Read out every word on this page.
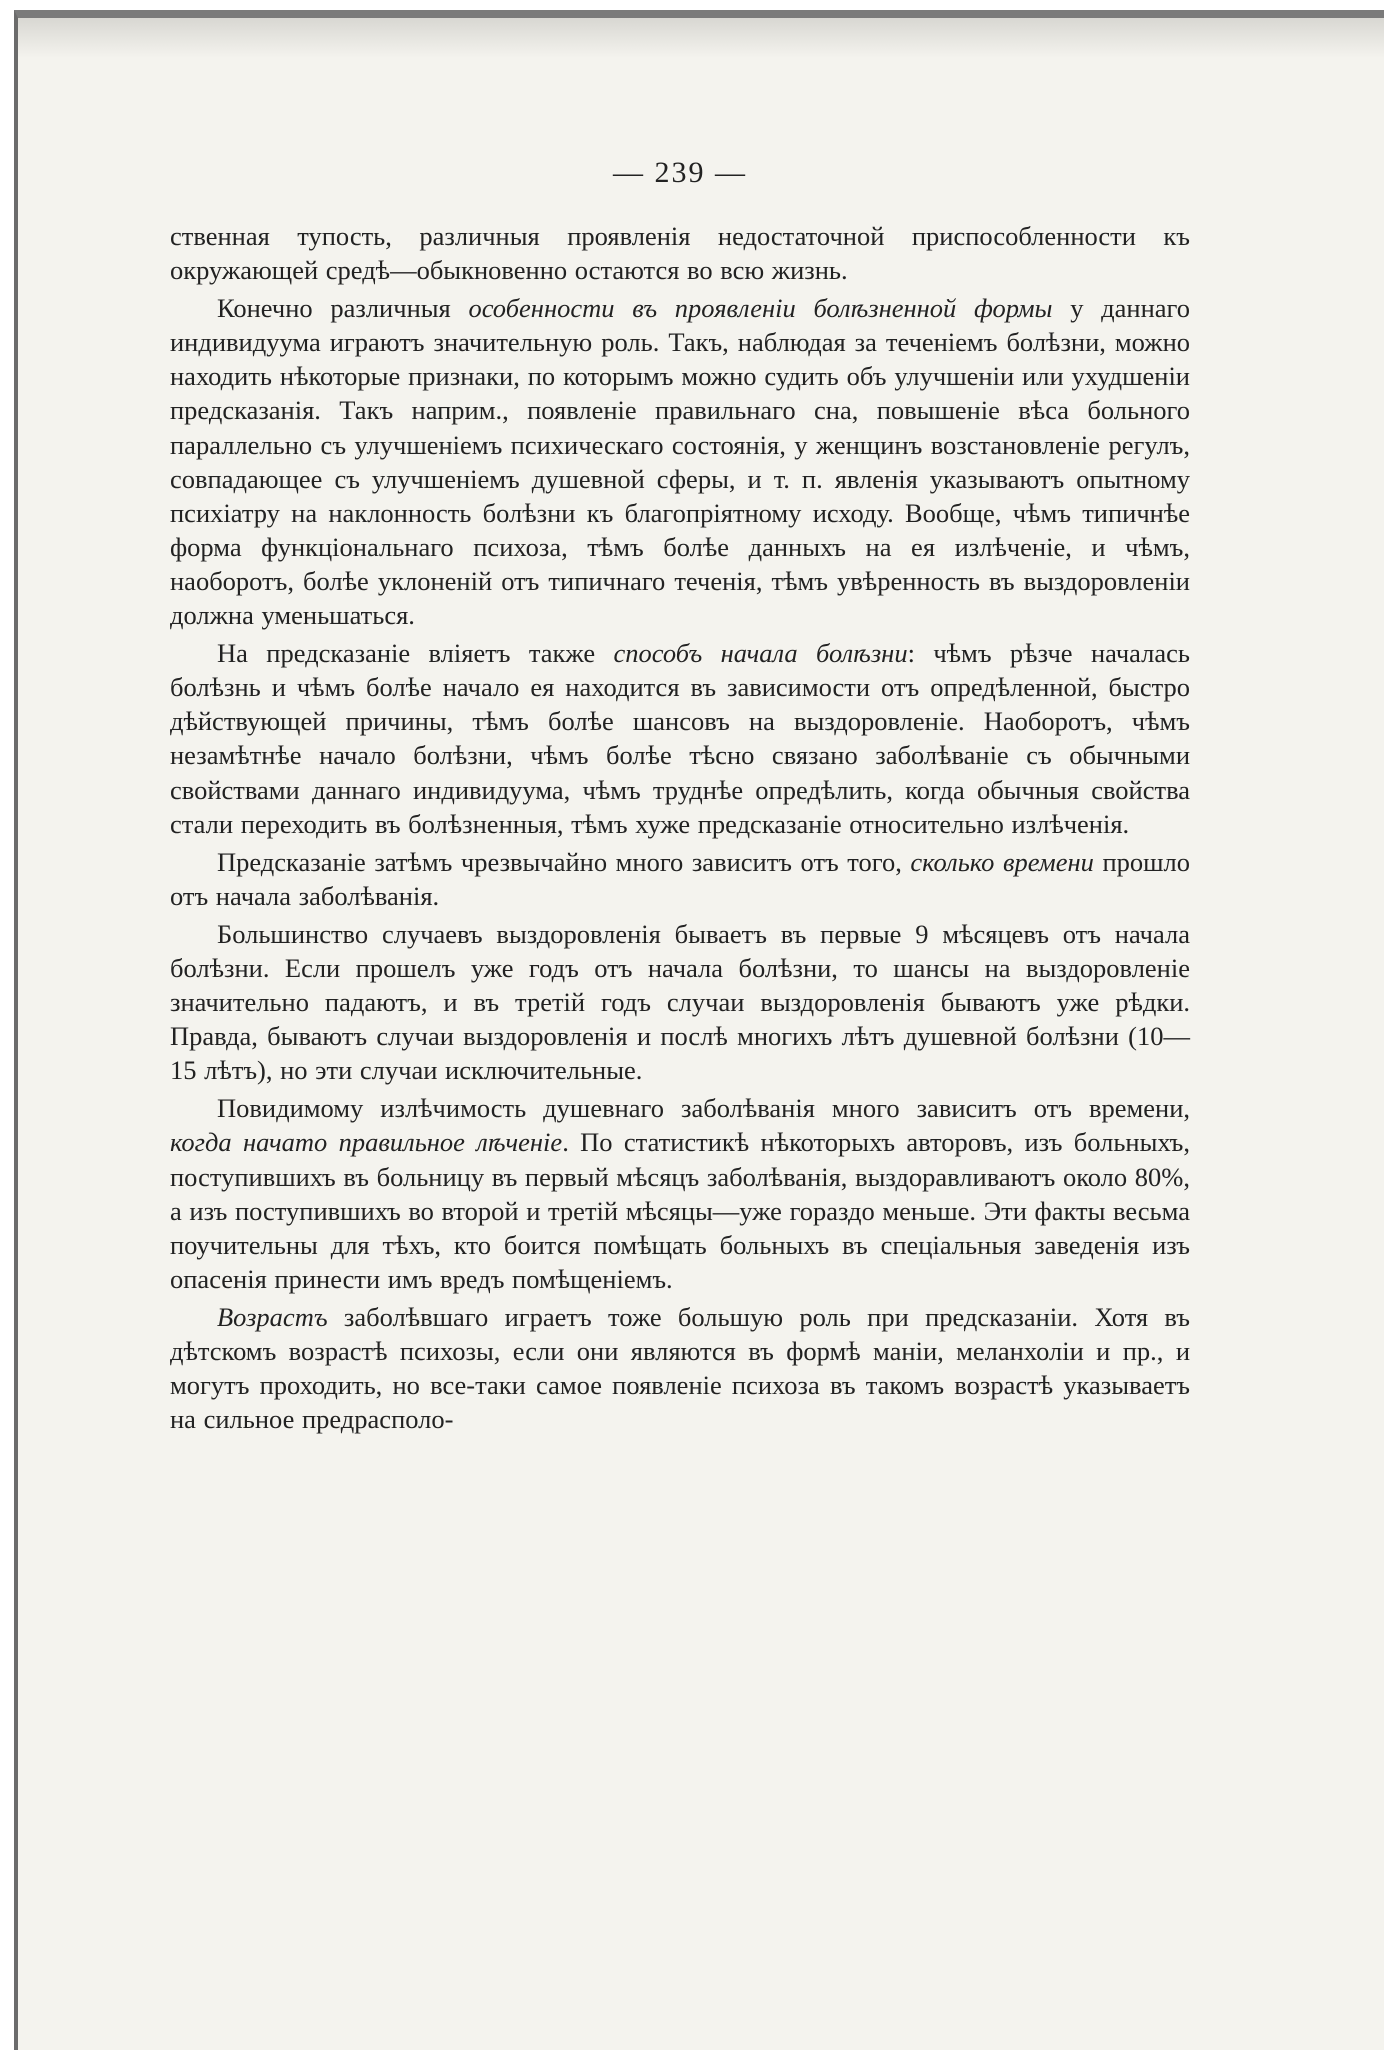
— 239 —

ственная тупость, различныя проявленія недостаточной приспособленности къ окружающей средѣ—обыкновенно остаются во всю жизнь.

Конечно различныя особенности въ проявленіи болѣзненной формы у даннаго индивидуума играютъ значительную роль. Такъ, наблюдая за теченіемъ болѣзни, можно находить нѣкоторые признаки, по которымъ можно судить объ улучшеніи или ухудшеніи предсказанія. Такъ наприм., появленіе правильнаго сна, повышеніе вѣса больного параллельно съ улучшеніемъ психическаго состоянія, у женщинъ возстановленіе регулъ, совпадающее съ улучшеніемъ душевной сферы, и т. п. явленія указываютъ опытному психіатру на наклонность болѣзни къ благопріятному исходу. Вообще, чѣмъ типичнѣе форма функціональнаго психоза, тѣмъ болѣе данныхъ на ея излѣченіе, и чѣмъ, наоборотъ, болѣе уклоненій отъ типичнаго теченія, тѣмъ увѣренность въ выздоровленіи должна уменьшаться.

На предсказаніе вліяетъ также способъ начала болѣзни: чѣмъ рѣзче началась болѣзнь и чѣмъ болѣе начало ея находится въ зависимости отъ опредѣленной, быстро дѣйствующей причины, тѣмъ болѣе шансовъ на выздоровленіе. Наоборотъ, чѣмъ незамѣтнѣе начало болѣзни, чѣмъ болѣе тѣсно связано заболѣваніе съ обычными свойствами даннаго индивидуума, чѣмъ труднѣе опредѣлить, когда обычныя свойства стали переходить въ болѣзненныя, тѣмъ хуже предсказаніе относительно излѣченія.

Предсказаніе затѣмъ чрезвычайно много зависитъ отъ того, сколько времени прошло отъ начала заболѣванія.

Большинство случаевъ выздоровленія бываетъ въ первые 9 мѣсяцевъ отъ начала болѣзни. Если прошелъ уже годъ отъ начала болѣзни, то шансы на выздоровленіе значительно падаютъ, и въ третій годъ случаи выздоровленія бываютъ уже рѣдки. Правда, бываютъ случаи выздоровленія и послѣ многихъ лѣтъ душевной болѣзни (10—15 лѣтъ), но эти случаи исключительные.

Повидимому излѣчимость душевнаго заболѣванія много зависитъ отъ времени, когда начато правильное лѣченіе. По статистикѣ нѣкоторыхъ авторовъ, изъ больныхъ, поступившихъ въ больницу въ первый мѣсяцъ заболѣванія, выздоравливаютъ около 80%, а изъ поступившихъ во второй и третій мѣсяцы—уже гораздо меньше. Эти факты весьма поучительны для тѣхъ, кто боится помѣщать больныхъ въ спеціальныя заведенія изъ опасенія принести имъ вредъ помѣщеніемъ.

Возрастъ заболѣвшаго играетъ тоже большую роль при предсказаніи. Хотя въ дѣтскомъ возрастѣ психозы, если они являются въ формѣ маніи, меланхоліи и пр., и могутъ проходить, но все-таки самое появленіе психоза въ такомъ возрастѣ указываетъ на сильное предрасполо-
